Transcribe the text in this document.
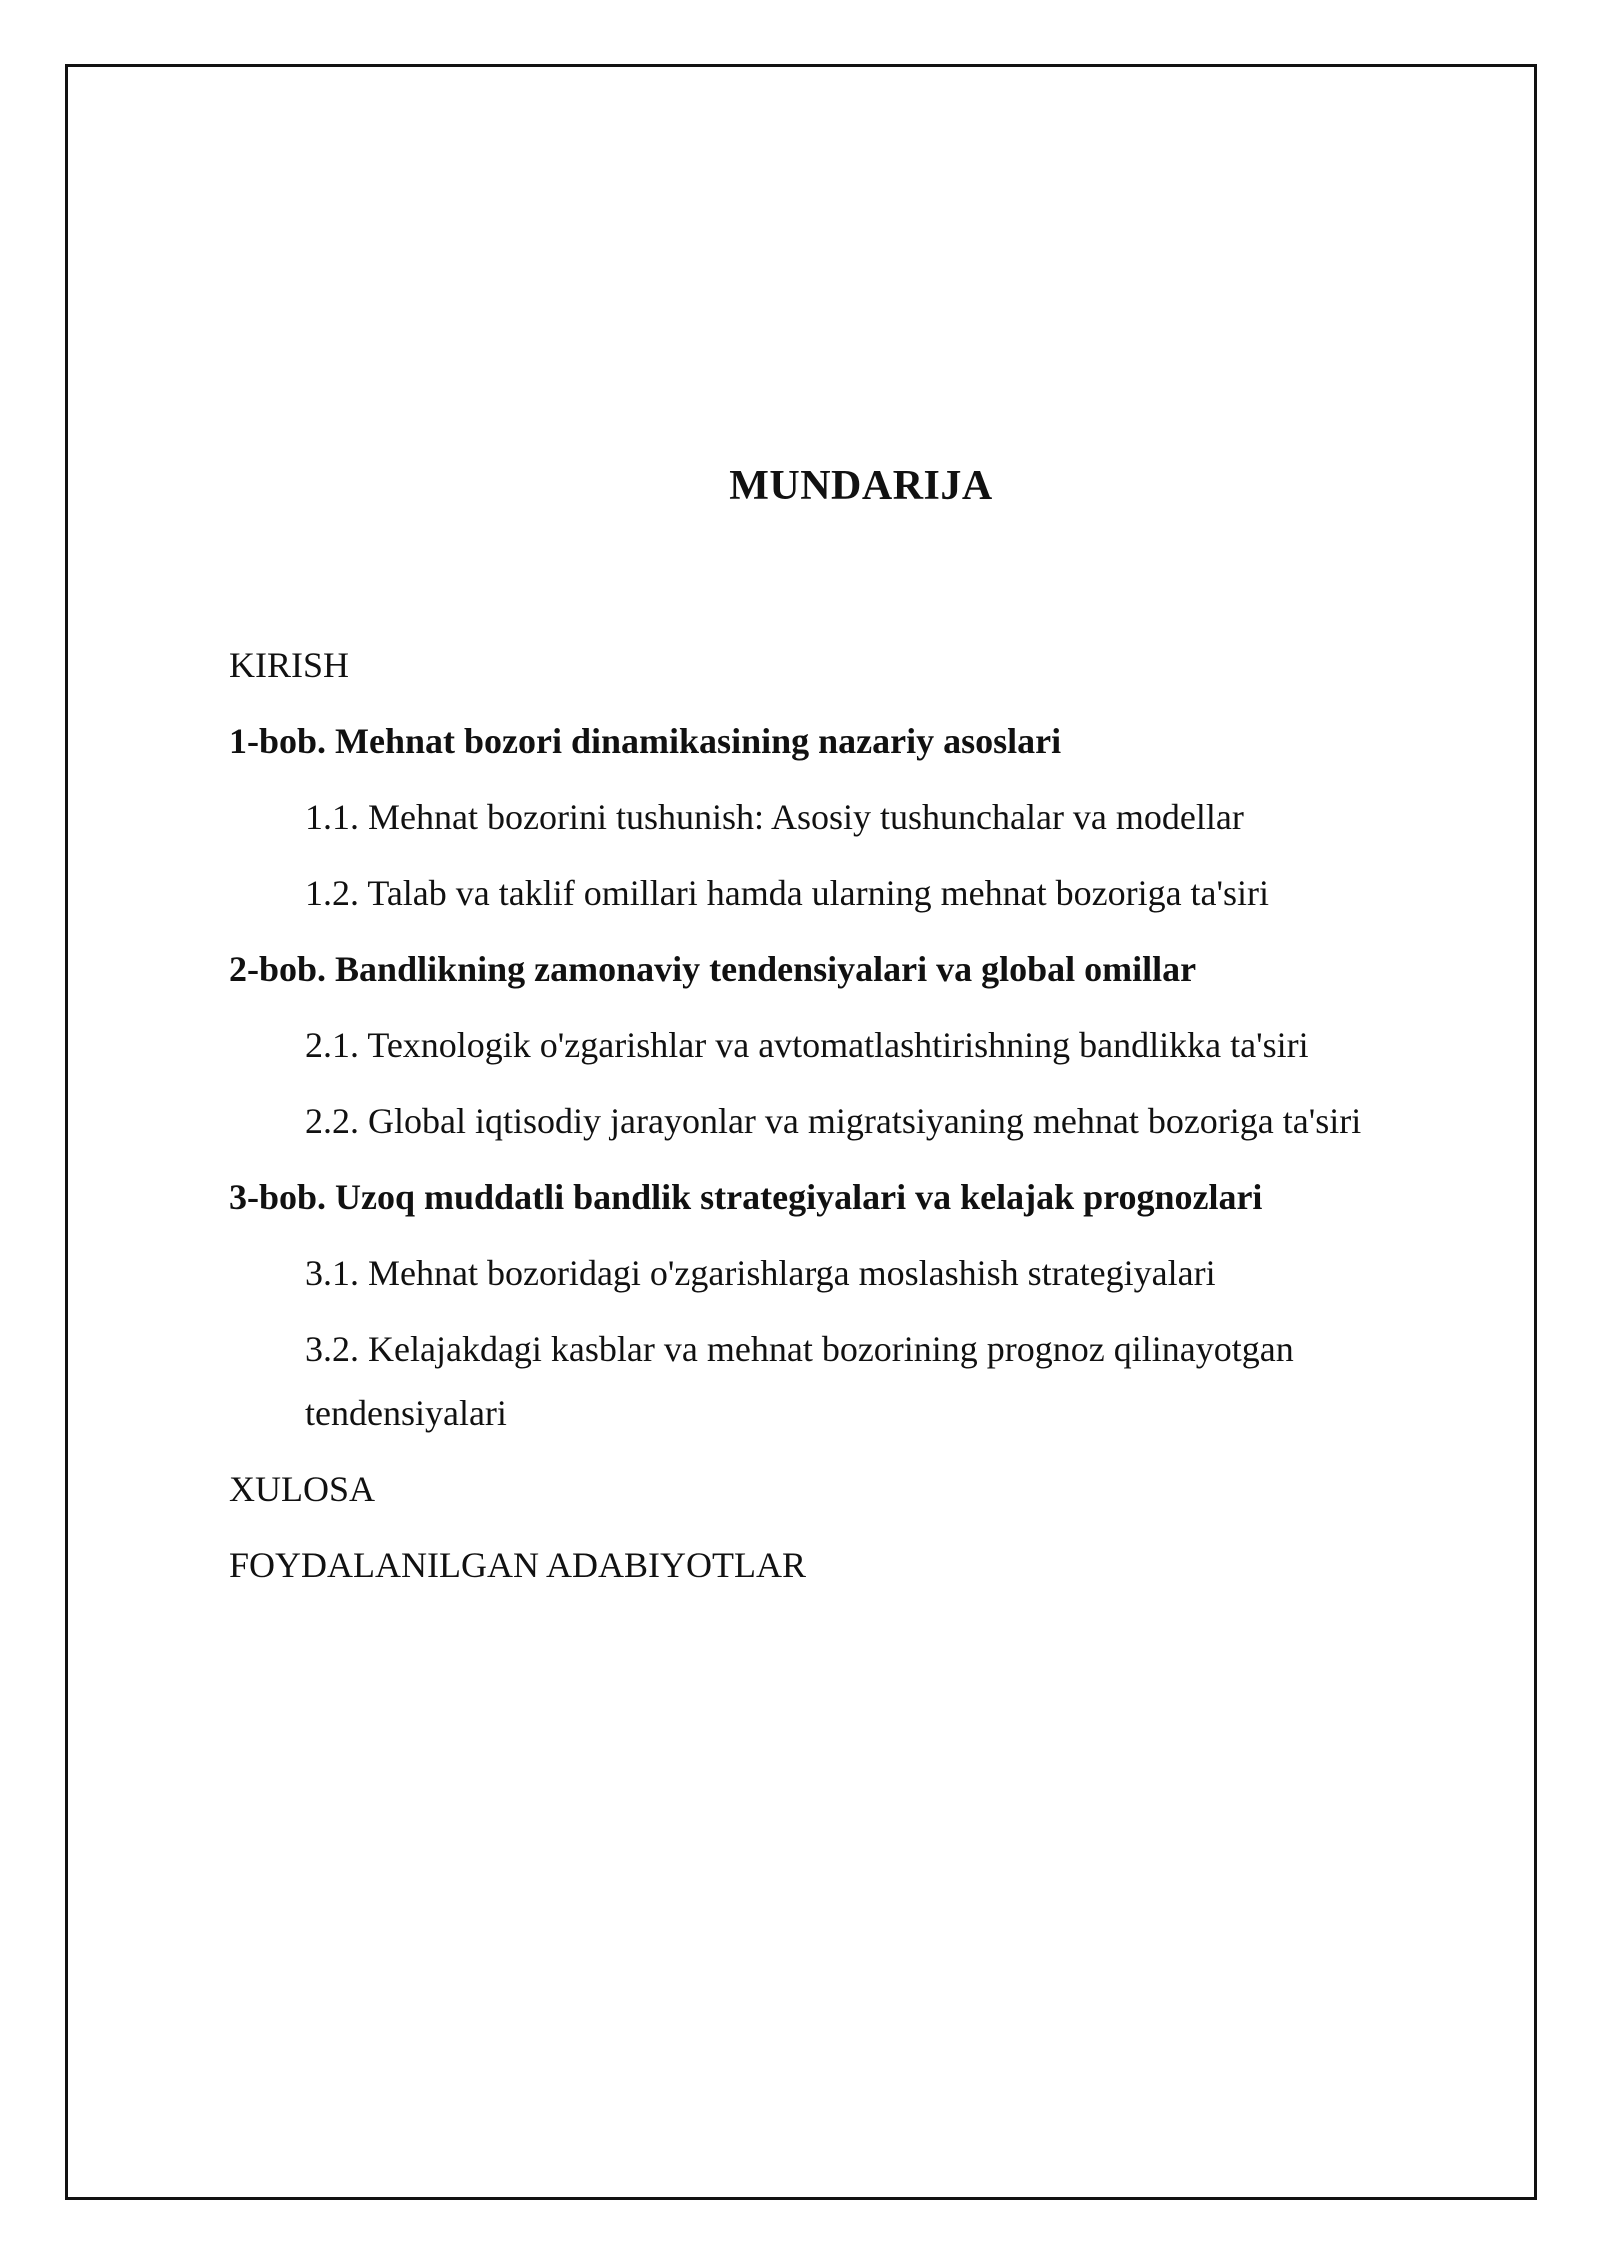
MUNDARIJA
KIRISH
1-bob. Mehnat bozori dinamikasining nazariy asoslari
1.1. Mehnat bozorini tushunish: Asosiy tushunchalar va modellar
1.2. Talab va taklif omillari hamda ularning mehnat bozoriga ta'siri
2-bob. Bandlikning zamonaviy tendensiyalari va global omillar
2.1. Texnologik o'zgarishlar va avtomatlashtirishning bandlikka ta'siri
2.2. Global iqtisodiy jarayonlar va migratsiyaning mehnat bozoriga ta'siri
3-bob. Uzoq muddatli bandlik strategiyalari va kelajak prognozlari
3.1. Mehnat bozoridagi o'zgarishlarga moslashish strategiyalari
3.2. Kelajakdagi kasblar va mehnat bozorining prognoz qilinayotgan tendensiyalari
XULOSA
FOYDALANILGAN ADABIYOTLAR
